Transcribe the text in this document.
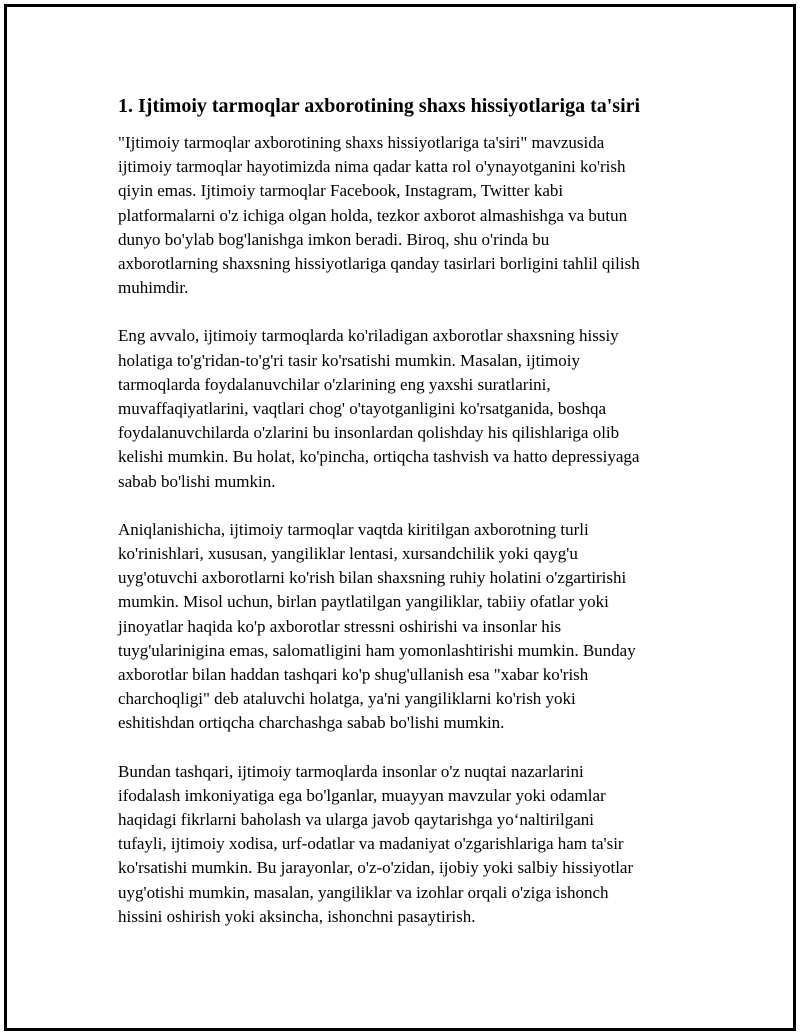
1. Ijtimoiy tarmoqlar axborotining shaxs hissiyotlariga ta'siri

"Ijtimoiy tarmoqlar axborotining shaxs hissiyotlariga ta'siri" mavzusida
ijtimoiy tarmoqlar hayotimizda nima qadar katta rol o'ynayotganini ko'rish
qiyin emas. Ijtimoiy tarmoqlar Facebook, Instagram, Twitter kabi
platformalarni o'z ichiga olgan holda, tezkor axborot almashishga va butun
dunyo bo'ylab bog'lanishga imkon beradi. Biroq, shu o'rinda bu
axborotlarning shaxsning hissiyotlariga qanday tasirlari borligini tahlil qilish
muhimdir.

Eng avvalo, ijtimoiy tarmoqlarda ko'riladigan axborotlar shaxsning hissiy
holatiga to'g'ridan-to'g'ri tasir ko'rsatishi mumkin. Masalan, ijtimoiy
tarmoqlarda foydalanuvchilar o'zlarining eng yaxshi suratlarini,
muvaffaqiyatlarini, vaqtlari chog' o'tayotganligini ko'rsatganida, boshqa
foydalanuvchilarda o'zlarini bu insonlardan qolishday his qilishlariga olib
kelishi mumkin. Bu holat, ko'pincha, ortiqcha tashvish va hatto depressiyaga
sabab bo'lishi mumkin.

Aniqlanishicha, ijtimoiy tarmoqlar vaqtda kiritilgan axborotning turli
ko'rinishlari, xususan, yangiliklar lentasi, xursandchilik yoki qayg'u
uyg'otuvchi axborotlarni ko'rish bilan shaxsning ruhiy holatini o'zgartirishi
mumkin. Misol uchun, birlan paytlatilgan yangiliklar, tabiiy ofatlar yoki
jinoyatlar haqida ko'p axborotlar stressni oshirishi va insonlar his
tuyg'ularinigina emas, salomatligini ham yomonlashtirishi mumkin. Bunday
axborotlar bilan haddan tashqari ko'p shug'ullanish esa "xabar ko'rish
charchoqligi" deb ataluvchi holatga, ya'ni yangiliklarni ko'rish yoki
eshitishdan ortiqcha charchashga sabab bo'lishi mumkin.

Bundan tashqari, ijtimoiy tarmoqlarda insonlar o'z nuqtai nazarlarini
ifodalash imkoniyatiga ega bo'lganlar, muayyan mavzular yoki odamlar
haqidagi fikrlarni baholash va ularga javob qaytarishga yo‘naltirilgani
tufayli, ijtimoiy xodisa, urf-odatlar va madaniyat o'zgarishlariga ham ta'sir
ko'rsatishi mumkin. Bu jarayonlar, o'z-o'zidan, ijobiy yoki salbiy hissiyotlar
uyg'otishi mumkin, masalan, yangiliklar va izohlar orqali o'ziga ishonch
hissini oshirish yoki aksincha, ishonchni pasaytirish.
